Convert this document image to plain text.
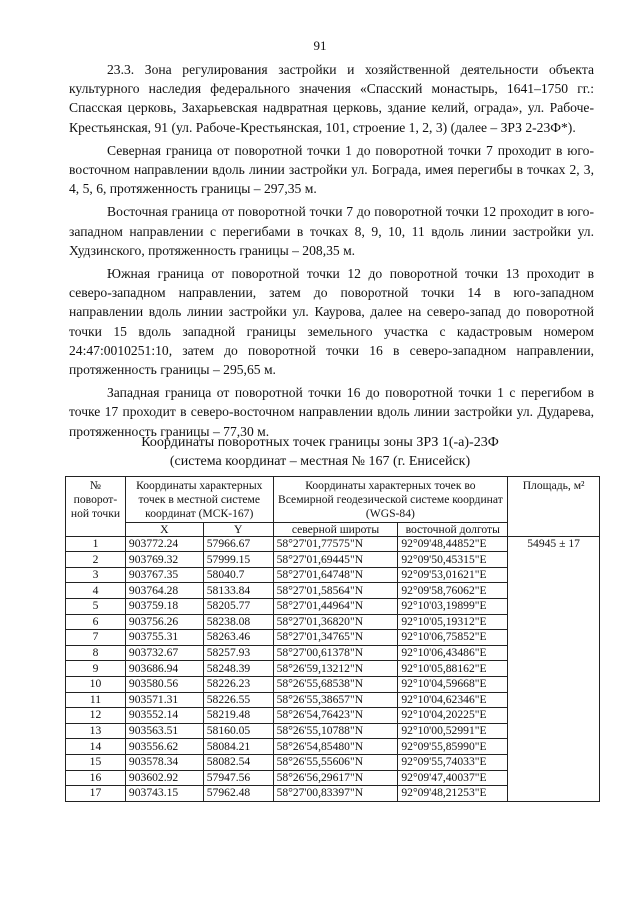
91

23.3. Зона регулирования застройки и хозяйственной деятельности объекта культурного наследия федерального значения «Спасский монастырь, 1641–1750 гг.: Спасская церковь, Захарьевская надвратная церковь, здание келий, ограда», ул. Рабоче-Крестьянская, 91 (ул. Рабоче-Крестьянская, 101, строение 1, 2, 3) (далее – ЗРЗ 2-23Ф*).

Северная граница от поворотной точки 1 до поворотной точки 7 проходит в юго-восточном направлении вдоль линии застройки ул. Бограда, имея перегибы в точках 2, 3, 4, 5, 6, протяженность границы – 297,35 м.

Восточная граница от поворотной точки 7 до поворотной точки 12 проходит в юго-западном направлении с перегибами в точках 8, 9, 10, 11 вдоль линии застройки ул. Худзинского, протяженность границы – 208,35 м.

Южная граница от поворотной точки 12 до поворотной точки 13 проходит в северо-западном направлении, затем до поворотной точки 14 в юго-западном направлении вдоль линии застройки ул. Каурова, далее на северо-запад до поворотной точки 15 вдоль западной границы земельного участка с кадастровым номером 24:47:0010251:10, затем до поворотной точки 16 в северо-западном направлении, протяженность границы – 295,65 м.

Западная граница от поворотной точки 16 до поворотной точки 1 с перегибом в точке 17 проходит в северо-восточном направлении вдоль линии застройки ул. Дударева, протяженность границы – 77,30 м.

Координаты поворотных точек границы зоны ЗРЗ 1(-а)-23Ф
(система координат – местная № 167 (г. Енисейск)
№ поворот-ной точки	Координаты характерных точек в местной системе координат (МСК-167)		Координаты характерных точек во Всемирной геодезической системе координат (WGS-84)		Площадь, м²
	X	Y	северной широты	восточной долготы	
1	903772.24	57966.67	58°27'01,77575"N	92°09'48,44852"E	54945 ± 17
2	903769.32	57999.15	58°27'01,69445"N	92°09'50,45315"E	
3	903767.35	58040.7	58°27'01,64748"N	92°09'53,01621"E	
4	903764.28	58133.84	58°27'01,58564"N	92°09'58,76062"E	
5	903759.18	58205.77	58°27'01,44964"N	92°10'03,19899"E	
6	903756.26	58238.08	58°27'01,36820"N	92°10'05,19312"E	
7	903755.31	58263.46	58°27'01,34765"N	92°10'06,75852"E	
8	903732.67	58257.93	58°27'00,61378"N	92°10'06,43486"E	
9	903686.94	58248.39	58°26'59,13212"N	92°10'05,88162"E	
10	903580.56	58226.23	58°26'55,68538"N	92°10'04,59668"E	
11	903571.31	58226.55	58°26'55,38657"N	92°10'04,62346"E	
12	903552.14	58219.48	58°26'54,76423"N	92°10'04,20225"E	
13	903563.51	58160.05	58°26'55,10788"N	92°10'00,52991"E	
14	903556.62	58084.21	58°26'54,85480"N	92°09'55,85990"E	
15	903578.34	58082.54	58°26'55,55606"N	92°09'55,74033"E	
16	903602.92	57947.56	58°26'56,29617"N	92°09'47,40037"E	
17	903743.15	57962.48	58°27'00,83397"N	92°09'48,21253"E	
